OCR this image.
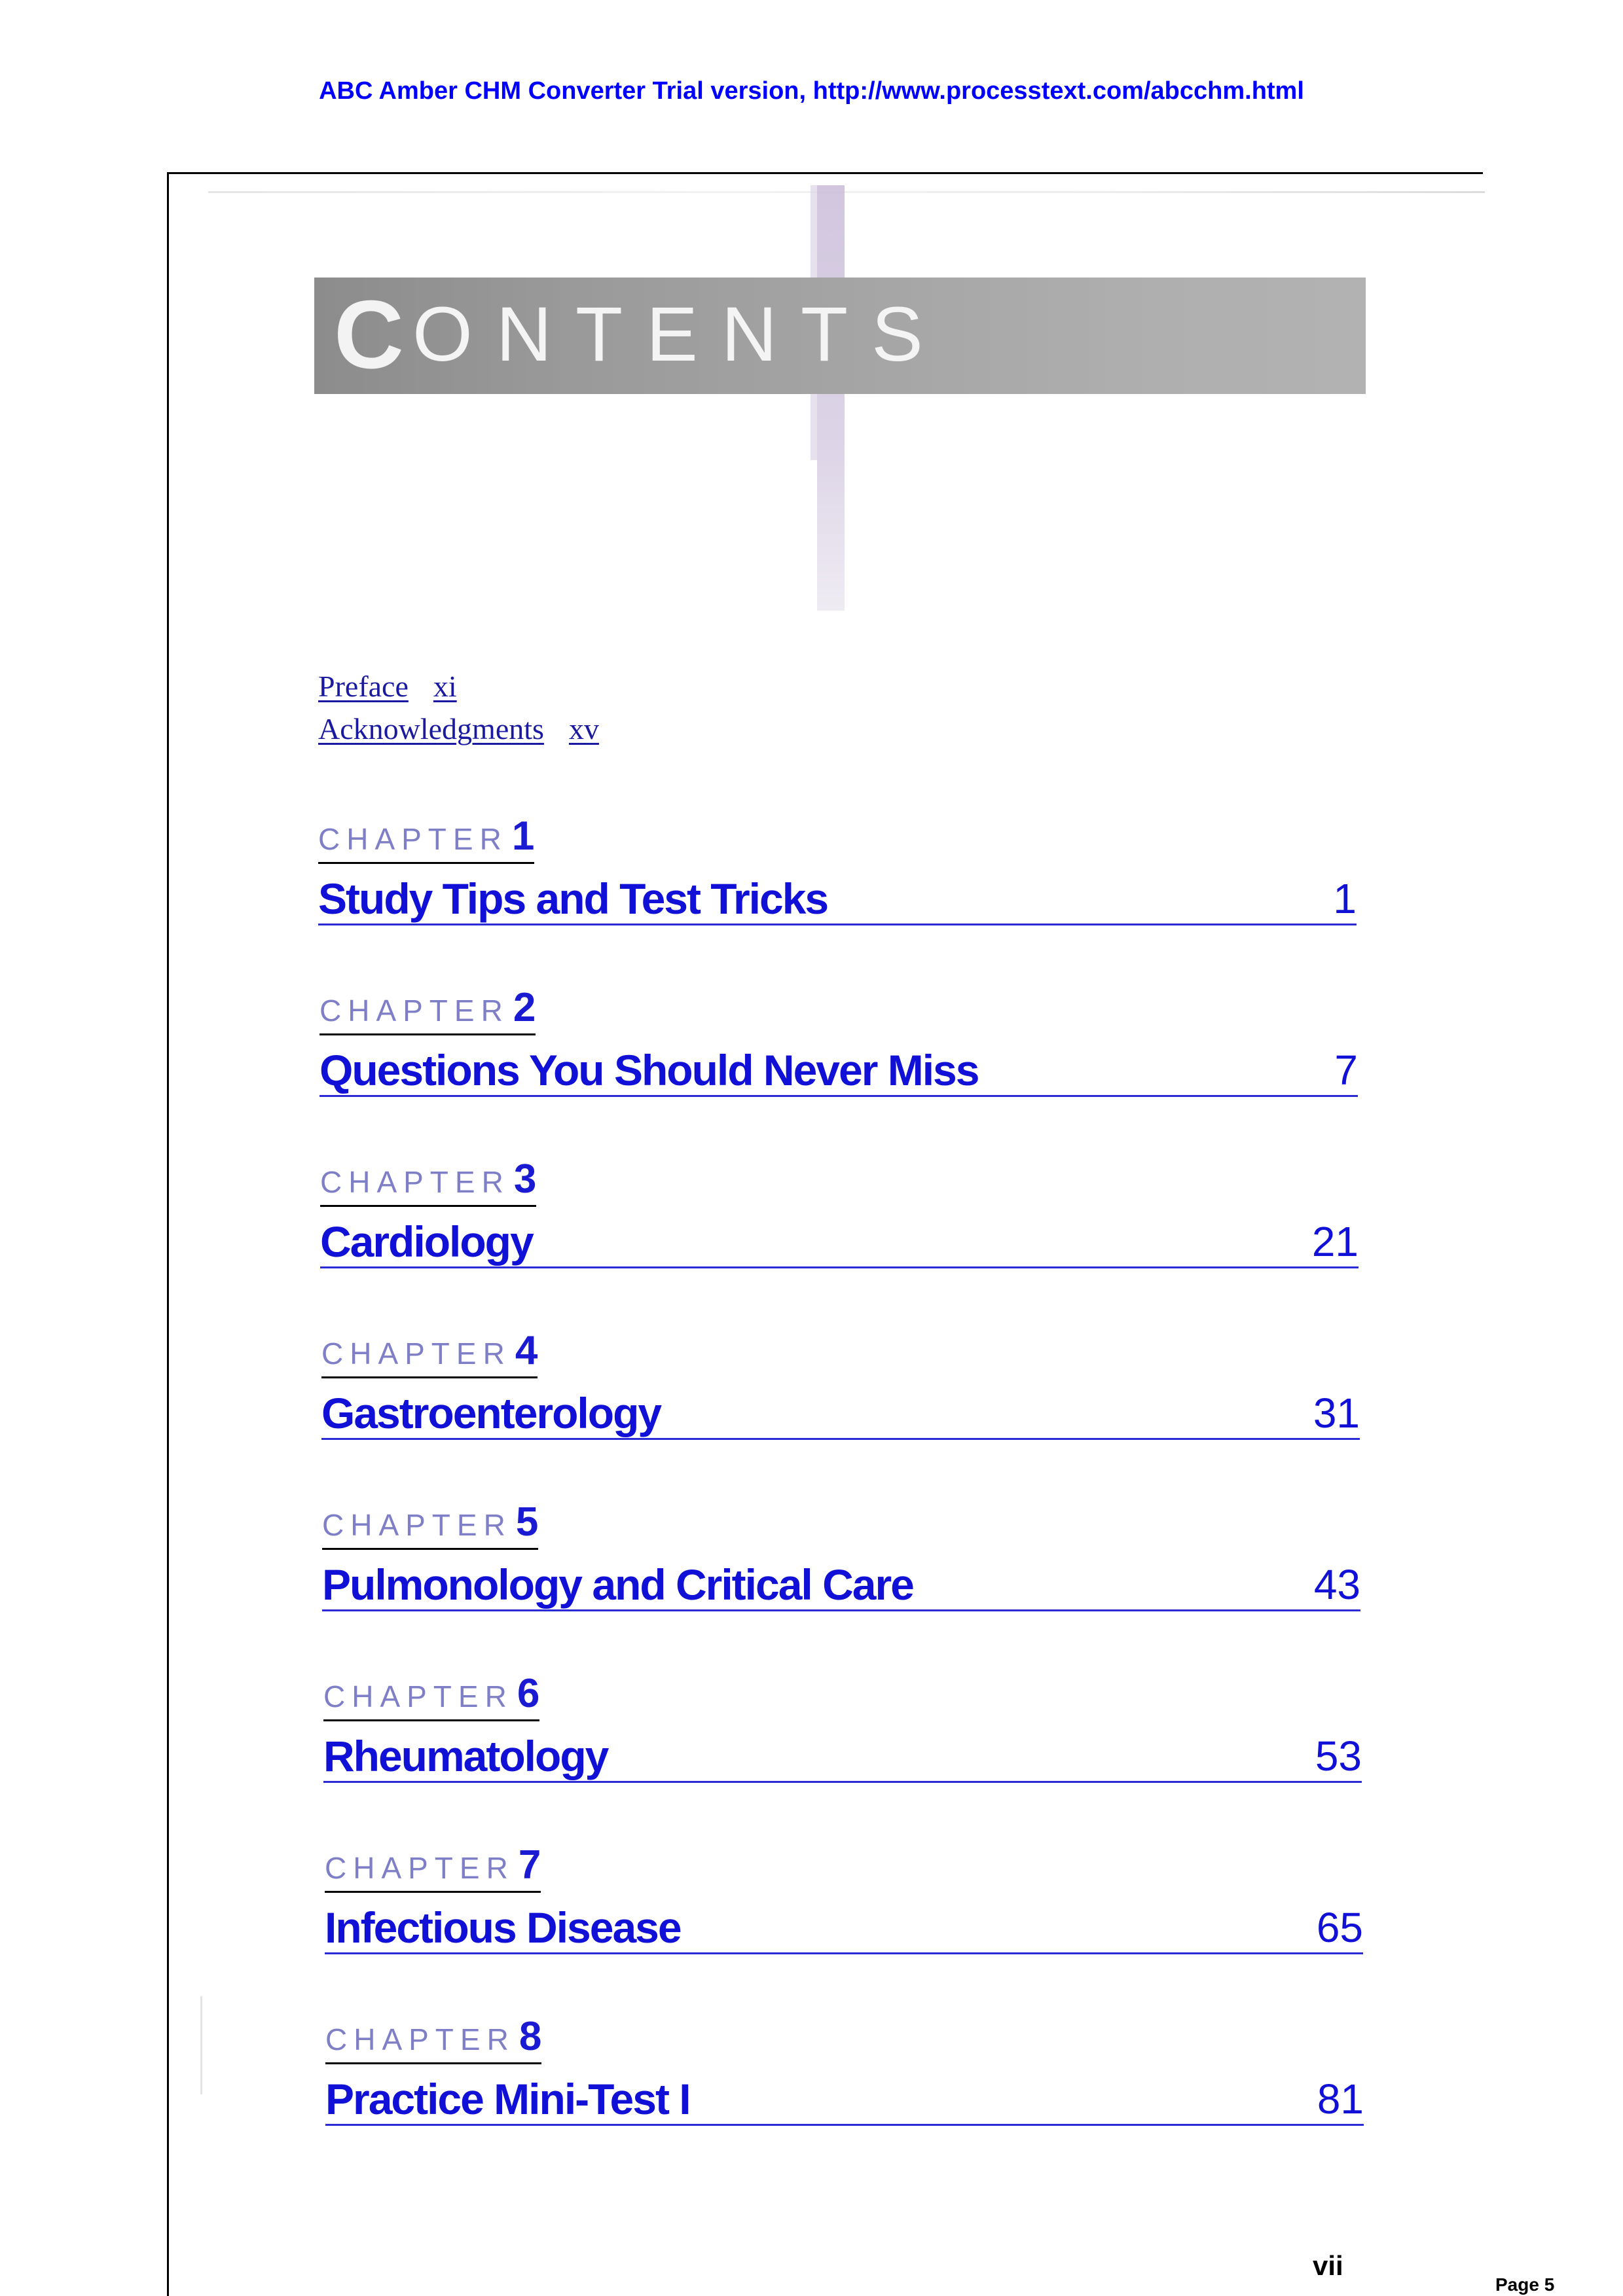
ABC Amber CHM Converter Trial version, http://www.processtext.com/abcchm.html
C ONTENTS
Preface xi
Acknowledgments xv
CHAPTER1
Study Tips and Test Tricks	1
CHAPTER2
Questions You Should Never Miss	7
CHAPTER3
Cardiology	21
CHAPTER4
Gastroenterology	31
CHAPTER5
Pulmonology and Critical Care	43
CHAPTER6
Rheumatology	53
CHAPTER7
Infectious Disease	65
CHAPTER8
Practice Mini-Test I	81
vii
Page 5
